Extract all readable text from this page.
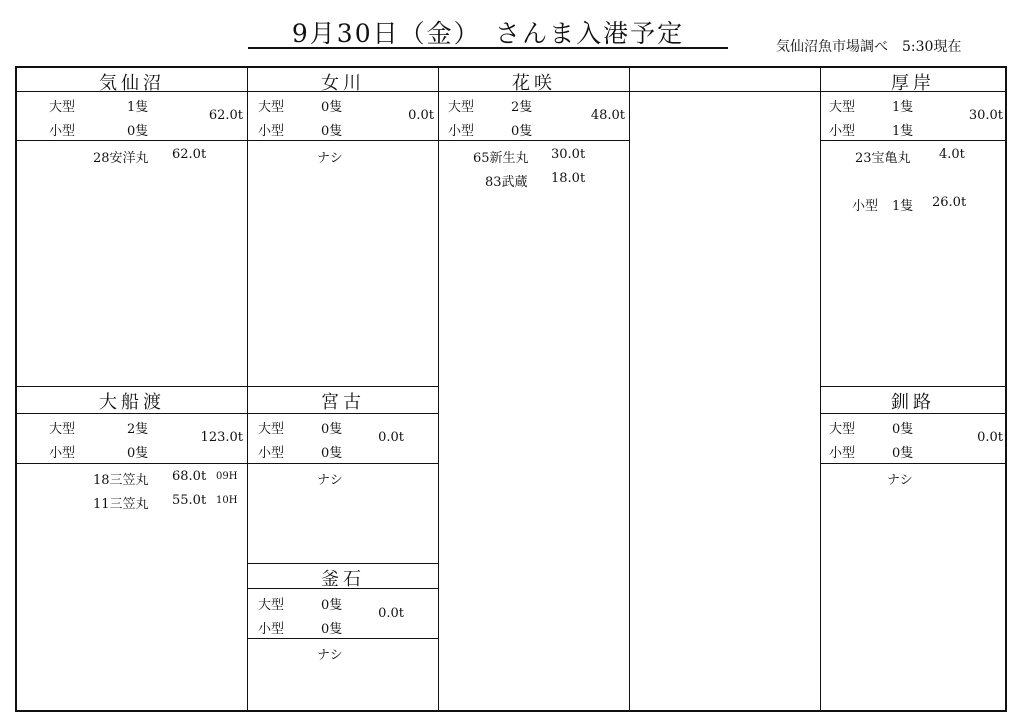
9月30日（金）　さんま入港予定	気仙沼魚市場調べ　5:30現在
気仙沼
大型	1隻
小型	0隻
62.0t
28安洋丸 62.0t
女川
大型	0隻
小型	0隻
0.0t
ナシ
花咲
大型	2隻
小型	0隻
48.0t
65新生丸 30.0t
83武蔵 18.0t
厚岸
大型	1隻
小型	1隻
30.0t
23宝亀丸 4.0t
小型 1隻 26.0t
大船渡
大型	2隻
小型	0隻
123.0t
18三笠丸 68.0t 09H
11三笠丸 55.0t 10H
宮古
大型	0隻
小型	0隻
0.0t
ナシ
釧路
大型	0隻
小型	0隻
0.0t
ナシ
釜石
大型	0隻
小型	0隻
0.0t
ナシ
